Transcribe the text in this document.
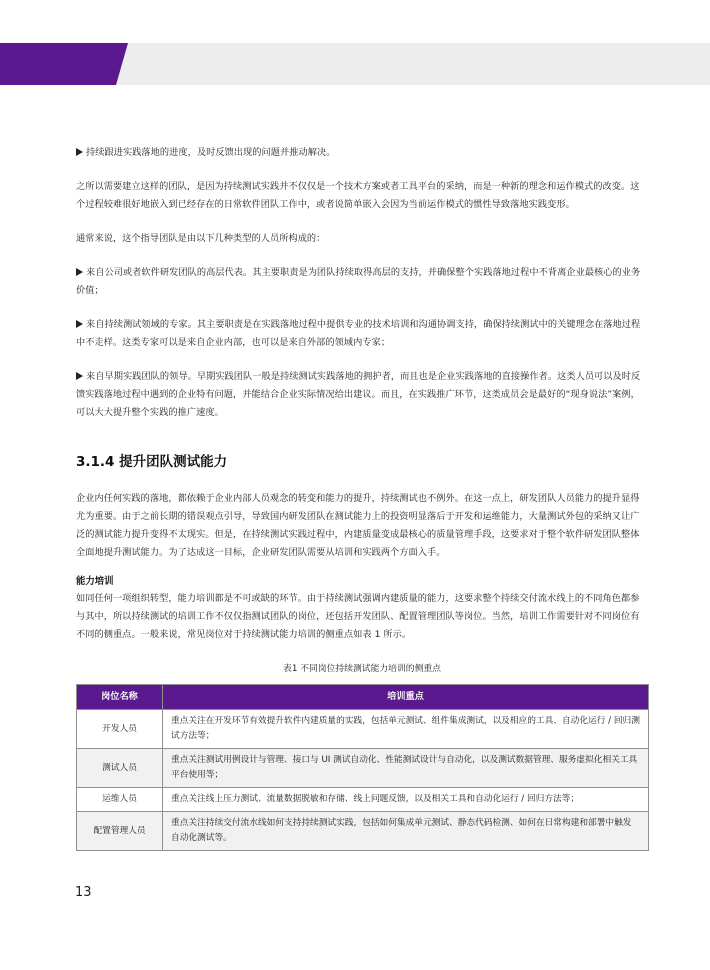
持续跟进实践落地的进度，及时反馈出现的问题并推动解决。

之所以需要建立这样的团队，是因为持续测试实践并不仅仅是一个技术方案或者工具平台的采纳，而是一种新的理念和运作模式的改变。这个过程较难很好地嵌入到已经存在的日常软件团队工作中，或者说简单嵌入会因为当前运作模式的惯性导致落地实践变形。

通常来说，这个指导团队是由以下几种类型的人员所构成的：

来自公司或者软件研发团队的高层代表。其主要职责是为团队持续取得高层的支持，并确保整个实践落地过程中不背离企业最核心的业务价值；

来自持续测试领域的专家。其主要职责是在实践落地过程中提供专业的技术培训和沟通协调支持，确保持续测试中的关键理念在落地过程中不走样。这类专家可以是来自企业内部，也可以是来自外部的领域内专家；

来自早期实践团队的领导。早期实践团队一般是持续测试实践落地的拥护者，而且也是企业实践落地的直接操作者。这类人员可以及时反馈实践落地过程中遇到的企业特有问题，并能结合企业实际情况给出建议。而且，在实践推广环节，这类成员会是最好的“现身说法”案例，可以大大提升整个实践的推广速度。

3.1.4 提升团队测试能力

企业内任何实践的落地，都依赖于企业内部人员观念的转变和能力的提升，持续测试也不例外。在这一点上，研发团队人员能力的提升显得尤为重要。由于之前长期的错误观点引导，导致国内研发团队在测试能力上的投资明显落后于开发和运维能力，大量测试外包的采纳又让广泛的测试能力提升变得不太现实。但是，在持续测试实践过程中，内建质量变成最核心的质量管理手段，这要求对于整个软件研发团队整体全面地提升测试能力。为了达成这一目标，企业研发团队需要从培训和实践两个方面入手。

能力培训

如同任何一项组织转型，能力培训都是不可或缺的环节。由于持续测试强调内建质量的能力，这要求整个持续交付流水线上的不同角色都参与其中，所以持续测试的培训工作不仅仅指测试团队的岗位，还包括开发团队、配置管理团队等岗位。当然，培训工作需要针对不同岗位有不同的侧重点。一般来说，常见岗位对于持续测试能力培训的侧重点如表 1 所示。

表1 不同岗位持续测试能力培训的侧重点

岗位名称	培训重点
开发人员	重点关注在开发环节有效提升软件内建质量的实践，包括单元测试、组件集成测试，以及相应的工具、自动化运行 / 回归测试方法等；
测试人员	重点关注测试用例设计与管理、接口与 UI 测试自动化、性能测试设计与自动化，以及测试数据管理、服务虚拟化相关工具平台使用等；
运维人员	重点关注线上压力测试、流量数据脱敏和存储、线上问题反馈，以及相关工具和自动化运行 / 回归方法等；
配置管理人员	重点关注持续交付流水线如何支持持续测试实践，包括如何集成单元测试、静态代码检测、如何在日常构建和部署中触发自动化测试等。
13
